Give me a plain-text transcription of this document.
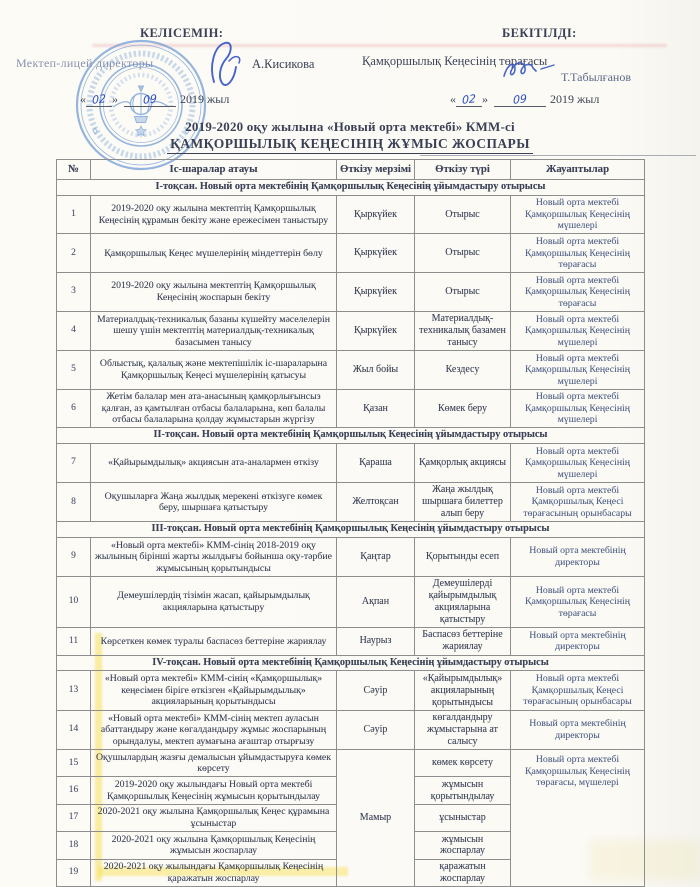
КЕЛІСЕМІН:
Мектеп-лицей директоры	А.Кисикова
« 02 » 09 2019 жыл
БЕКІТІЛДІ:
Қамқоршылық Кеңесінің төрағасы
Т.Табылғанов
« 02 » 09 2019 жыл
2019-2020 оқу жылына «Новый орта мектебі» КММ-сі
ҚАМҚОРШЫЛЫҚ КЕҢЕСІНІҢ ЖҰМЫС ЖОСПАРЫ
№	Іс-шаралар атауы	Өткізу мерзімі	Өткізу түрі	Жауаптылар
І-тоқсан. Новый орта мектебінің Қамқоршылық Кеңесінің ұйымдастыру отырысы				
1	2019-2020 оқу жылына мектептің Қамқоршылық Кеңесінің құрамын бекіту және ережесімен таныстыру	Қыркүйек	Отырыс	Новый орта мектебі Қамқоршылық Кеңесінің мүшелері
2	Қамқоршылық Кеңес мүшелерінің міндеттерін бөлу	Қыркүйек	Отырыс	Новый орта мектебі Қамқоршылық Кеңесінің төрағасы
3	2019-2020 оқу жылына мектептің Қамқоршылық Кеңесінің жоспарын бекіту	Қыркүйек	Отырыс	Новый орта мектебі Қамқоршылық Кеңесінің төрағасы
4	Материалдық-техникалық базаны күшейту мәселелерін шешу үшін мектептің материалдық-техникалық базасымен танысу	Қыркүйек	Материалдық-техникалық базамен танысу	Новый орта мектебі Қамқоршылық Кеңесінің мүшелері
5	Облыстық, қалалық және мектепішілік іс-шараларына Қамқоршылық Кеңесі мүшелерінің қатысуы	Жыл бойы	Кездесу	Новый орта мектебі Қамқоршылық Кеңесінің мүшелері
6	Жетім балалар мен ата-анасының қамқорлығынсыз қалған, аз қамтылған отбасы балаларына, көп балалы отбасы балаларына қолдау жұмыстарын жүргізу	Қазан	Көмек беру	Новый орта мектебі Қамқоршылық Кеңесінің мүшелері
ІІ-тоқсан. Новый орта мектебінің Қамқоршылық Кеңесінің ұйымдастыру отырысы				
7	«Қайырымдылық» акциясын ата-аналармен өткізу	Қараша	Қамқорлық акциясы	Новый орта мектебі Қамқоршылық Кеңесінің мүшелері
8	Оқушыларға Жаңа жылдық мерекені өткізуге көмек беру, шыршаға қатыстыру	Желтоқсан	Жаңа жылдық шыршаға билеттер алып беру	Новый орта мектебі Қамқоршылық Кеңесі төрағасының орынбасары
ІІІ-тоқсан. Новый орта мектебінің Қамқоршылық Кеңесінің ұйымдастыру отырысы				
9	«Новый орта мектебі» КММ-сінің 2018-2019 оқу жылының бірінші жарты жылдығы бойынша оқу-тәрбие жұмысының қорытындысы	Қаңтар	Қорытынды есеп	Новый орта мектебінің директоры
10	Демеушілердің тізімін жасап, қайырымдылық акцияларына қатыстыру	Ақпан	Демеушілерді қайырымдылық акцияларына қатыстыру	Новый орта мектебі Қамқоршылық Кеңесінің төрағасы
11	Көрсеткен көмек туралы баспасөз беттеріне жариялау	Наурыз	Баспасөз беттеріне жариялау	Новый орта мектебінің директоры
ІV-тоқсан. Новый орта мектебінің Қамқоршылық Кеңесінің ұйымдастыру отырысы				
13	«Новый орта мектебі» КММ-сінің «Қамқоршылық» кеңесімен біріге өткізген «Қайырымдылық» акцияларының қорытындысы	Сәуір	«Қайырымдылық» акцияларының қорытындысы	Новый орта мектебі Қамқоршылық Кеңесі төрағасының орынбасары
14	«Новый орта мектебі» КММ-сінің мектеп ауласын абаттандыру және көгалдандыру жұмыс жоспарының орындалуы, мектеп аумағына ағаштар отырғызу	Сәуір	көгалдандыру жұмыстарына ат салысу	Новый орта мектебінің директоры
15	Оқушылардың жазғы демалысын ұйымдастыруға көмек көрсету	Мамыр	көмек көрсету	Новый орта мектебі Қамқоршылық Кеңесінің төрағасы, мүшелері
16	2019-2020 оқу жылындағы Новый орта мектебі Қамқоршылық Кеңесінің жұмысын қорытындылау		жұмысын қорытындылау	
17	2020-2021 оқу жылына Қамқоршылық Кеңес құрамына ұсыныстар		ұсыныстар	
18	2020-2021 оқу жылына Қамқоршылық Кеңесінің жұмысын жоспарлау		жұмысын жоспарлау	
19	2020-2021 оқу жылындағы Қамқоршылық Кеңесінің қаражатын жоспарлау		қаражатын жоспарлау	
